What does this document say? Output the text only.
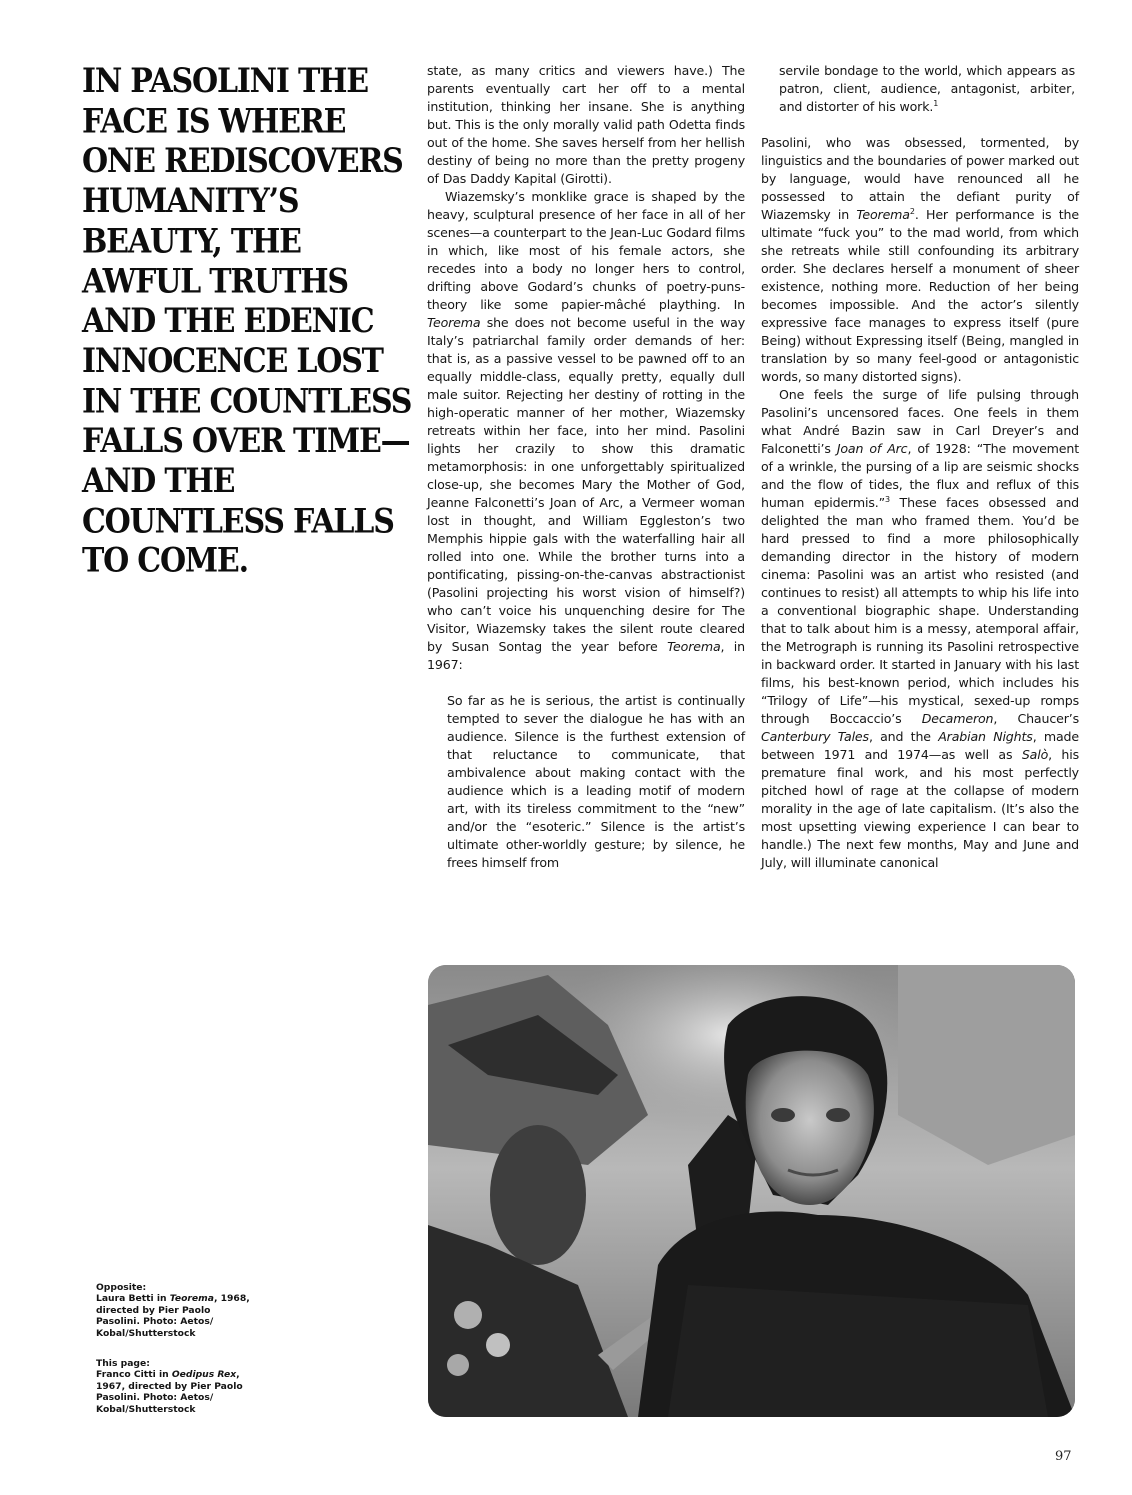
IN PASOLINI THE FACE IS WHERE ONE REDISCOVERS HUMANITY’S BEAUTY, THE AWFUL TRUTHS AND THE EDENIC INNOCENCE LOST IN THE COUNTLESS FALLS OVER TIME—AND THE COUNTLESS FALLS TO COME.

state, as many critics and viewers have.) The parents eventually cart her off to a mental institution, thinking her insane. She is anything but. This is the only morally valid path Odetta finds out of the home. She saves herself from her hellish destiny of being no more than the pretty progeny of Das Daddy Kapital (Girotti).

Wiazemsky’s monklike grace is shaped by the heavy, sculptural presence of her face in all of her scenes—a counterpart to the Jean-Luc Godard films in which, like most of his female actors, she recedes into a body no longer hers to control, drifting above Godard’s chunks of poetry-puns-theory like some papier-mâché plaything. In Teorema she does not become useful in the way Italy’s patriarchal family order demands of her: that is, as a passive vessel to be pawned off to an equally middle-class, equally pretty, equally dull male suitor. Rejecting her destiny of rotting in the high-operatic manner of her mother, Wiazemsky retreats within her face, into her mind. Pasolini lights her crazily to show this dramatic metamorphosis: in one unforgettably spiritualized close-up, she becomes Mary the Mother of God, Jeanne Falconetti’s Joan of Arc, a Vermeer woman lost in thought, and William Eggleston’s two Memphis hippie gals with the waterfalling hair all rolled into one. While the brother turns into a pontificating, pissing-on-the-canvas abstractionist (Pasolini projecting his worst vision of himself?) who can’t voice his unquenching desire for The Visitor, Wiazemsky takes the silent route cleared by Susan Sontag the year before Teorema, in 1967:

So far as he is serious, the artist is continually tempted to sever the dialogue he has with an audience. Silence is the furthest extension of that reluctance to communicate, that ambivalence about making contact with the audience which is a leading motif of modern art, with its tireless commitment to the “new” and/or the “esoteric.” Silence is the artist’s ultimate other-worldly gesture; by silence, he frees himself from

servile bondage to the world, which appears as patron, client, audience, antagonist, arbiter, and distorter of his work.$^1$

Pasolini, who was obsessed, tormented, by linguistics and the boundaries of power marked out by language, would have renounced all he possessed to attain the defiant purity of Wiazemsky in Teorema$^2$. Her performance is the ultimate “fuck you” to the mad world, from which she retreats while still confounding its arbitrary order. She declares herself a monument of sheer existence, nothing more. Reduction of her being becomes impossible. And the actor’s silently expressive face manages to express itself (pure Being) without Expressing itself (Being, mangled in translation by so many feel-good or antagonistic words, so many distorted signs).

One feels the surge of life pulsing through Pasolini’s uncensored faces. One feels in them what André Bazin saw in Carl Dreyer’s and Falconetti’s Joan of Arc, of 1928: “The movement of a wrinkle, the pursing of a lip are seismic shocks and the flow of tides, the flux and reflux of this human epidermis.”$^3$ These faces obsessed and delighted the man who framed them. You’d be hard pressed to find a more philosophically demanding director in the history of modern cinema: Pasolini was an artist who resisted (and continues to resist) all attempts to whip his life into a conventional biographic shape. Understanding that to talk about him is a messy, atemporal affair, the Metrograph is running its Pasolini retrospective in backward order. It started in January with his last films, his best-known period, which includes his “Trilogy of Life”—his mystical, sexed-up romps through Boccaccio’s Decameron, Chaucer’s Canterbury Tales, and the Arabian Nights, made between 1971 and 1974—as well as Salò, his premature final work, and his most perfectly pitched howl of rage at the collapse of modern morality in the age of late capitalism. (It’s also the most upsetting viewing experience I can bear to handle.) The next few months, May and June and July, will illuminate canonical

Opposite:
Laura Betti in Teorema, 1968, directed by Pier Paolo Pasolini. Photo: Aetos/ Kobal/Shutterstock
This page:
Franco Citti in Oedipus Rex, 1967, directed by Pier Paolo Pasolini. Photo: Aetos/ Kobal/Shutterstock
97
